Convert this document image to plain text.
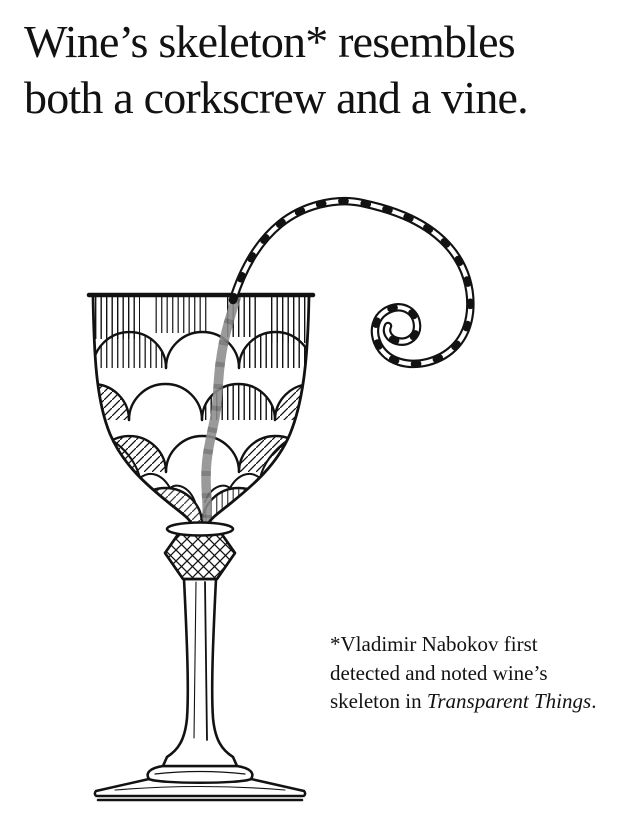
Wine’s skeleton* resembles
both a corkscrew and a vine.
*Vladimir Nabokov first
detected and noted wine’s
skeleton in Transparent Things.
